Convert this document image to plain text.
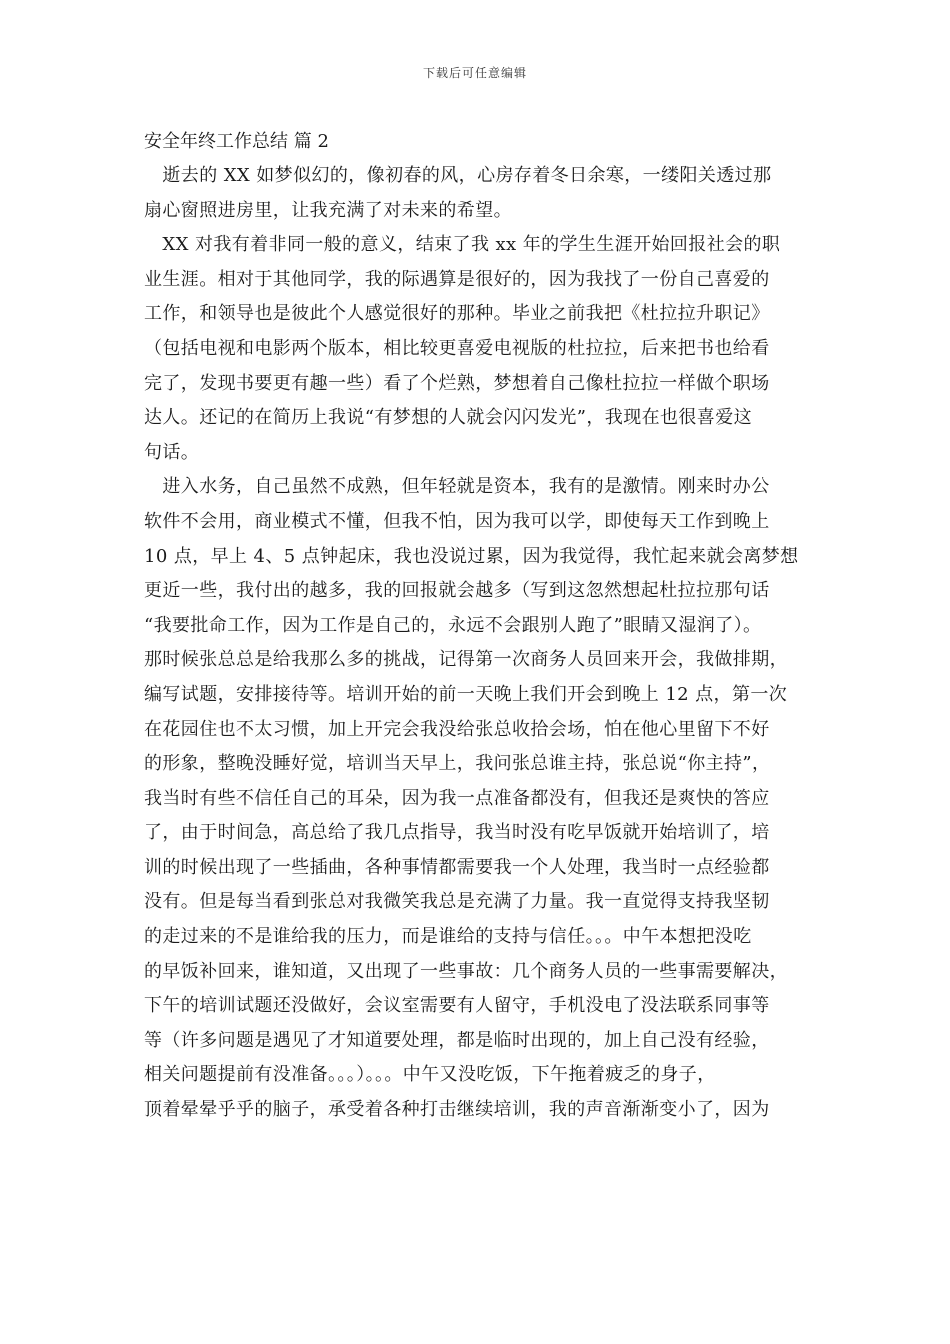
下载后可任意编辑
安全年终工作总结 篇 2
　逝去的 XX 如梦似幻的，像初春的风，心房存着冬日余寒，一缕阳关透过那
扇心窗照进房里，让我充满了对未来的希望。
　XX 对我有着非同一般的意义，结束了我 xx 年的学生生涯开始回报社会的职
业生涯。相对于其他同学，我的际遇算是很好的，因为我找了一份自己喜爱的
工作，和领导也是彼此个人感觉很好的那种。毕业之前我把《杜拉拉升职记》
（包括电视和电影两个版本，相比较更喜爱电视版的杜拉拉，后来把书也给看
完了，发现书要更有趣一些）看了个烂熟，梦想着自己像杜拉拉一样做个职场
达人。还记的在简历上我说“有梦想的人就会闪闪发光”，我现在也很喜爱这
句话。
　进入水务，自己虽然不成熟，但年轻就是资本，我有的是激情。刚来时办公
软件不会用，商业模式不懂，但我不怕，因为我可以学，即使每天工作到晚上
10 点，早上 4、5 点钟起床，我也没说过累，因为我觉得，我忙起来就会离梦想
更近一些，我付出的越多，我的回报就会越多（写到这忽然想起杜拉拉那句话
“我要批命工作，因为工作是自己的，永远不会跟别人跑了”眼睛又湿润了）。
那时候张总总是给我那么多的挑战，记得第一次商务人员回来开会，我做排期，
编写试题，安排接待等。培训开始的前一天晚上我们开会到晚上 12 点，第一次
在花园住也不太习惯，加上开完会我没给张总收拾会场，怕在他心里留下不好
的形象，整晚没睡好觉，培训当天早上，我问张总谁主持，张总说“你主持”，
我当时有些不信任自己的耳朵，因为我一点准备都没有，但我还是爽快的答应
了，由于时间急，高总给了我几点指导，我当时没有吃早饭就开始培训了，培
训的时候出现了一些插曲，各种事情都需要我一个人处理，我当时一点经验都
没有。但是每当看到张总对我微笑我总是充满了力量。我一直觉得支持我坚韧
的走过来的不是谁给我的压力，而是谁给的支持与信任。。。中午本想把没吃
的早饭补回来，谁知道，又出现了一些事故：几个商务人员的一些事需要解决，
下午的培训试题还没做好，会议室需要有人留守，手机没电了没法联系同事等
等（许多问题是遇见了才知道要处理，都是临时出现的，加上自己没有经验，
相关问题提前有没准备。。。）。。。中午又没吃饭，下午拖着疲乏的身子，
顶着晕晕乎乎的脑子，承受着各种打击继续培训，我的声音渐渐变小了，因为
